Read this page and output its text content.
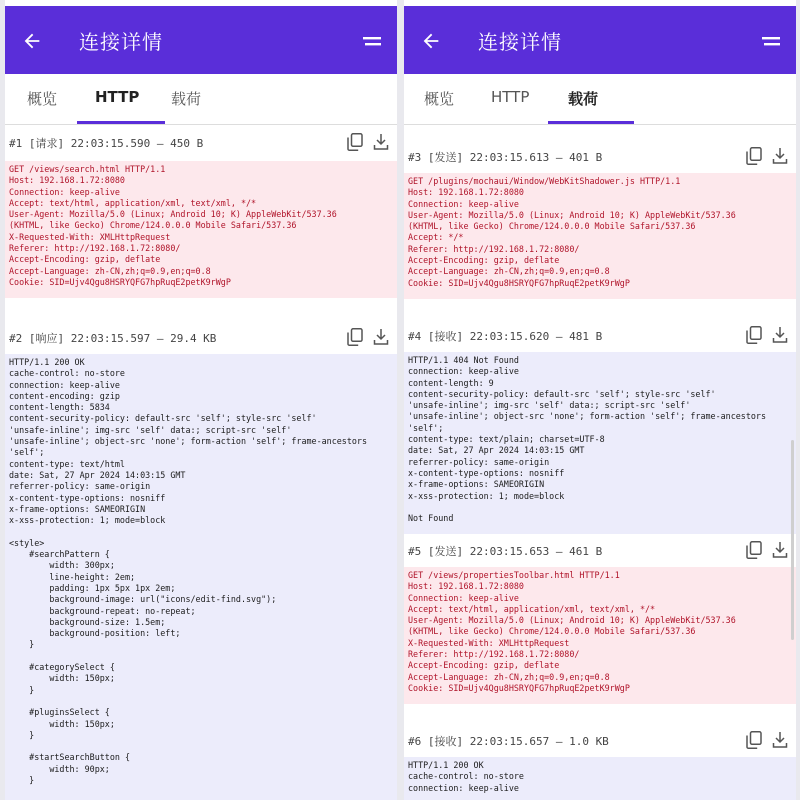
连接详情
概览	HTTP 载荷
#1 [请求] 22:03:15.590 — 450 B
GET /views/search.html HTTP/1.1
Host: 192.168.1.72:8080
Connection: keep-alive
Accept: text/html, application/xml, text/xml, */*
User-Agent: Mozilla/5.0 (Linux; Android 10; K) AppleWebKit/537.36
(KHTML, like Gecko) Chrome/124.0.0.0 Mobile Safari/537.36
X-Requested-With: XMLHttpRequest
Referer: http://192.168.1.72:8080/
Accept-Encoding: gzip, deflate
Accept-Language: zh-CN,zh;q=0.9,en;q=0.8
Cookie: SID=Ujv4Qgu8HSRYQFG7hpRuqE2petK9rWgP
#2 [响应] 22:03:15.597 — 29.4 KB
HTTP/1.1 200 OK
cache-control: no-store
connection: keep-alive
content-encoding: gzip
content-length: 5834
content-security-policy: default-src 'self'; style-src 'self'
'unsafe-inline'; img-src 'self' data:; script-src 'self'
'unsafe-inline'; object-src 'none'; form-action 'self'; frame-ancestors
'self';
content-type: text/html
date: Sat, 27 Apr 2024 14:03:15 GMT
referrer-policy: same-origin
x-content-type-options: nosniff
x-frame-options: SAMEORIGIN
x-xss-protection: 1; mode=block

<style>
#searchPattern {
width: 300px;
line-height: 2em;
padding: 1px 5px 1px 2em;
background-image: url("icons/edit-find.svg");
background-repeat: no-repeat;
background-size: 1.5em;
background-position: left;
}

#categorySelect {
width: 150px;
}

#pluginsSelect {
width: 150px;
}

#startSearchButton {
width: 90px;
}
连接详情
概览 HTTP	载荷
#3 [发送] 22:03:15.613 — 401 B
GET /plugins/mochaui/Window/WebKitShadower.js HTTP/1.1
Host: 192.168.1.72:8080
Connection: keep-alive
User-Agent: Mozilla/5.0 (Linux; Android 10; K) AppleWebKit/537.36
(KHTML, like Gecko) Chrome/124.0.0.0 Mobile Safari/537.36
Accept: */*
Referer: http://192.168.1.72:8080/
Accept-Encoding: gzip, deflate
Accept-Language: zh-CN,zh;q=0.9,en;q=0.8
Cookie: SID=Ujv4Qgu8HSRYQFG7hpRuqE2petK9rWgP
#4 [接收] 22:03:15.620 — 481 B
HTTP/1.1 404 Not Found
connection: keep-alive
content-length: 9
content-security-policy: default-src 'self'; style-src 'self'
'unsafe-inline'; img-src 'self' data:; script-src 'self'
'unsafe-inline'; object-src 'none'; form-action 'self'; frame-ancestors
'self';
content-type: text/plain; charset=UTF-8
date: Sat, 27 Apr 2024 14:03:15 GMT
referrer-policy: same-origin
x-content-type-options: nosniff
x-frame-options: SAMEORIGIN
x-xss-protection: 1; mode=block

Not Found
#5 [发送] 22:03:15.653 — 461 B
GET /views/propertiesToolbar.html HTTP/1.1
Host: 192.168.1.72:8080
Connection: keep-alive
Accept: text/html, application/xml, text/xml, */*
User-Agent: Mozilla/5.0 (Linux; Android 10; K) AppleWebKit/537.36
(KHTML, like Gecko) Chrome/124.0.0.0 Mobile Safari/537.36
X-Requested-With: XMLHttpRequest
Referer: http://192.168.1.72:8080/
Accept-Encoding: gzip, deflate
Accept-Language: zh-CN,zh;q=0.9,en;q=0.8
Cookie: SID=Ujv4Qgu8HSRYQFG7hpRuqE2petK9rWgP
#6 [接收] 22:03:15.657 — 1.0 KB
HTTP/1.1 200 OK
cache-control: no-store
connection: keep-alive
